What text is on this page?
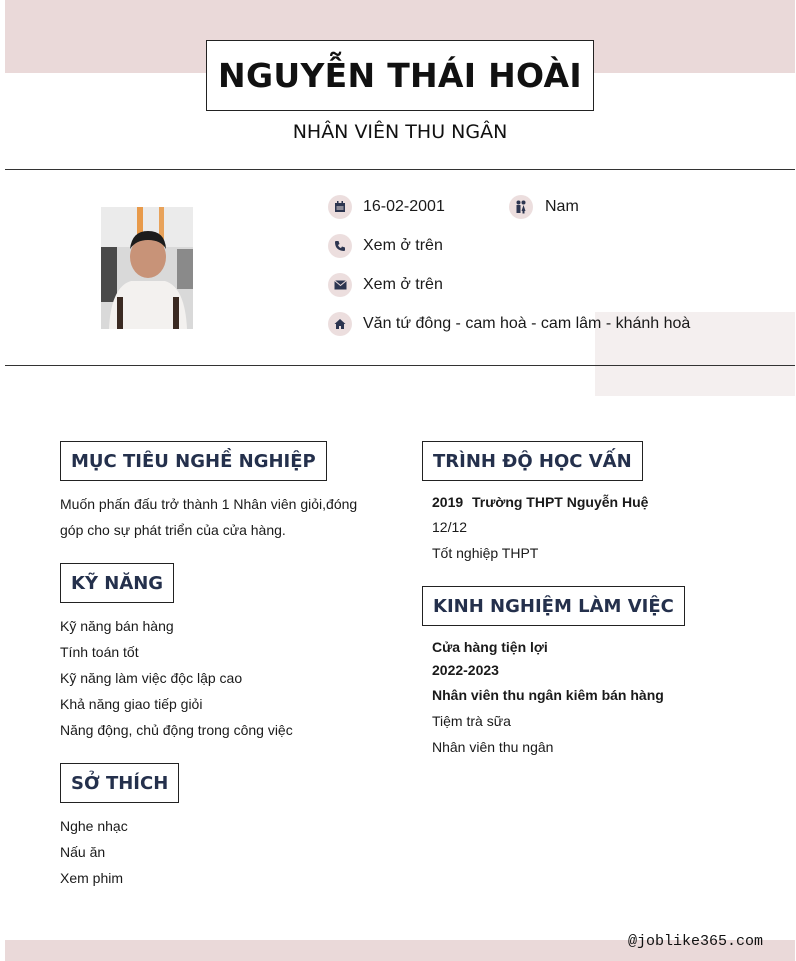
NGUYỄN THÁI HOÀI
NHÂN VIÊN THU NGÂN
16-02-2001	Nam
Xem ở trên
Xem ở trên
Văn tứ đông - cam hoà - cam lâm - khánh hoà
MỤC TIÊU NGHỀ NGHIỆP
Muốn phấn đấu trở thành 1 Nhân viên giỏi,đóng
góp cho sự phát triển của cửa hàng.
KỸ NĂNG
Kỹ năng bán hàng
Tính toán tốt
Kỹ năng làm việc độc lập cao
Khả năng giao tiếp giỏi
Năng động, chủ động trong công việc
SỞ THÍCH
Nghe nhạc
Nấu ăn
Xem phim
TRÌNH ĐỘ HỌC VẤN
2019 Trường THPT Nguyễn Huệ
12/12
Tốt nghiệp THPT
KINH NGHIỆM LÀM VIỆC
Cửa hàng tiện lợi
2022-2023
Nhân viên thu ngân kiêm bán hàng
Tiệm trà sữa
Nhân viên thu ngân
@joblike365.com
